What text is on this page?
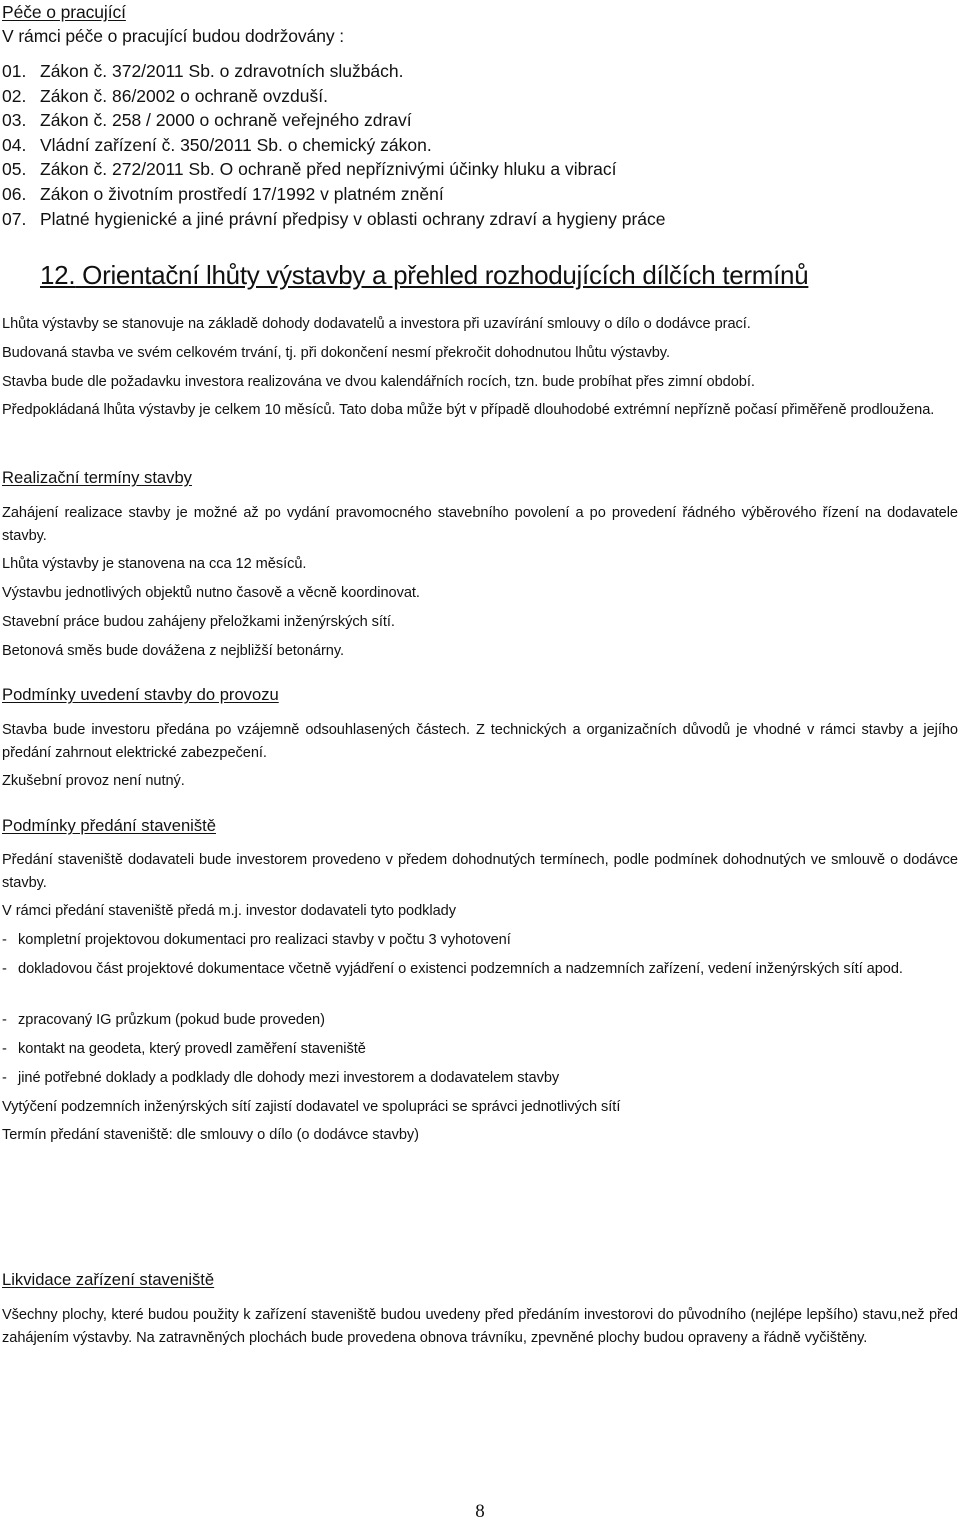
Péče o pracující
V rámci péče o pracující budou dodržovány :
01. Zákon č. 372/2011 Sb. o zdravotních službách.
02. Zákon č. 86/2002 o ochraně ovzduší.
03. Zákon č. 258 / 2000 o ochraně veřejného zdraví
04. Vládní zařízení č. 350/2011 Sb. o chemický zákon.
05. Zákon č. 272/2011 Sb. O ochraně před nepříznivými účinky hluku a vibrací
06. Zákon o životním prostředí 17/1992 v platném znění
07. Platné hygienické a jiné právní předpisy v oblasti ochrany zdraví a hygieny práce
12. Orientační lhůty výstavby a přehled rozhodujících dílčích termínů
Lhůta výstavby se stanovuje na základě dohody dodavatelů a investora při uzavírání smlouvy o dílo o dodávce prací.
Budovaná stavba ve svém celkovém trvání, tj. při dokončení nesmí překročit dohodnutou lhůtu výstavby.
Stavba bude dle požadavku investora realizována ve dvou kalendářních rocích, tzn. bude probíhat přes zimní období.
Předpokládaná lhůta výstavby je celkem 10 měsíců. Tato doba může být v případě dlouhodobé extrémní nepřízně počasí přiměřeně prodloužena.
Realizační termíny stavby
Zahájení realizace stavby je možné až po vydání pravomocného stavebního povolení a po provedení řádného výběrového řízení na dodavatele stavby.
Lhůta výstavby je stanovena na cca 12 měsíců.
Výstavbu jednotlivých objektů nutno časově a věcně koordinovat.
Stavební práce budou zahájeny přeložkami inženýrských sítí.
Betonová směs bude dovážena z nejbližší betonárny.
Podmínky uvedení stavby do provozu
Stavba bude investoru předána po vzájemně odsouhlasených částech. Z technických a organizačních důvodů je vhodné v rámci stavby a jejího předání zahrnout elektrické zabezpečení.
Zkušební provoz není nutný.
Podmínky předání staveniště
Předání staveniště dodavateli bude investorem provedeno v předem dohodnutých termínech, podle podmínek dohodnutých ve smlouvě o dodávce stavby.
V rámci předání staveniště předá m.j. investor dodavateli tyto podklady
- kompletní projektovou dokumentaci pro realizaci stavby v počtu 3 vyhotovení
- dokladovou část projektové dokumentace včetně vyjádření o existenci podzemních a nadzemních zařízení, vedení inženýrských sítí apod.
- zpracovaný IG průzkum (pokud bude proveden)
- kontakt na geodeta, který provedl zaměření staveniště
- jiné potřebné doklady a podklady dle dohody mezi investorem a dodavatelem stavby
Vytýčení podzemních inženýrských sítí zajistí dodavatel ve spolupráci se správci jednotlivých sítí
Termín předání staveniště: dle smlouvy o dílo (o dodávce stavby)
Likvidace zařízení staveniště
Všechny plochy, které budou použity k zařízení staveniště budou uvedeny před předáním investorovi do původního (nejlépe lepšího) stavu,než před zahájením výstavby. Na zatravněných plochách bude provedena obnova trávníku, zpevněné plochy budou opraveny a řádně vyčištěny.
8
